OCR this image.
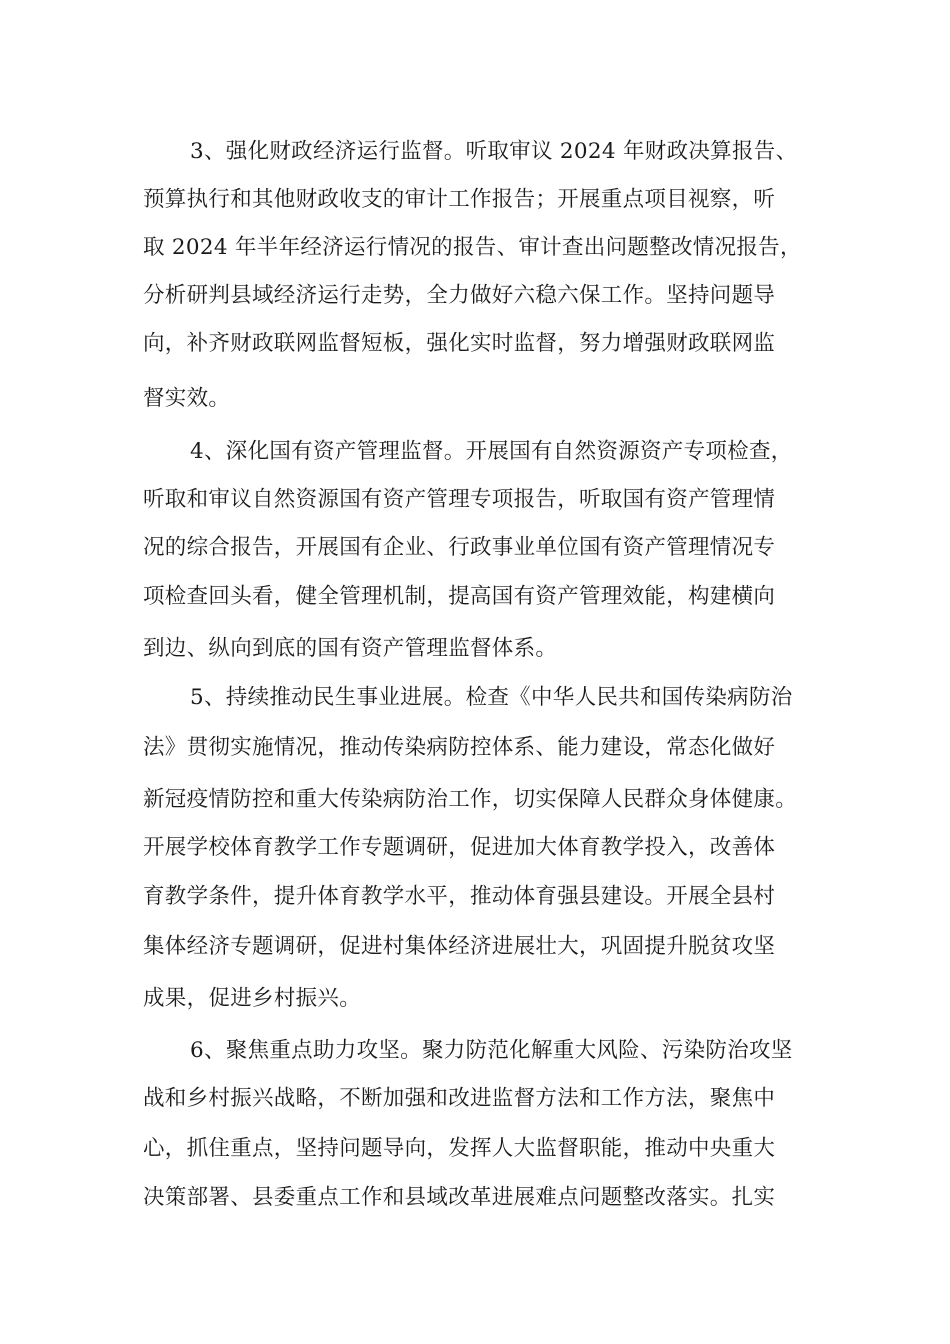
3、强化财政经济运行监督。听取审议 2024 年财政决算报告、
预算执行和其他财政收支的审计工作报告；开展重点项目视察，听
取 2024 年半年经济运行情况的报告、审计查出问题整改情况报告，
分析研判县域经济运行走势，全力做好六稳六保工作。坚持问题导
向，补齐财政联网监督短板，强化实时监督，努力增强财政联网监
督实效。
4、深化国有资产管理监督。开展国有自然资源资产专项检查，
听取和审议自然资源国有资产管理专项报告，听取国有资产管理情
况的综合报告，开展国有企业、行政事业单位国有资产管理情况专
项检查回头看，健全管理机制，提高国有资产管理效能，构建横向
到边、纵向到底的国有资产管理监督体系。
5、持续推动民生事业进展。检查《中华人民共和国传染病防治
法》贯彻实施情况，推动传染病防控体系、能力建设，常态化做好
新冠疫情防控和重大传染病防治工作，切实保障人民群众身体健康。
开展学校体育教学工作专题调研，促进加大体育教学投入，改善体
育教学条件，提升体育教学水平，推动体育强县建设。开展全县村
集体经济专题调研，促进村集体经济进展壮大，巩固提升脱贫攻坚
成果，促进乡村振兴。
6、聚焦重点助力攻坚。聚力防范化解重大风险、污染防治攻坚
战和乡村振兴战略，不断加强和改进监督方法和工作方法，聚焦中
心，抓住重点，坚持问题导向，发挥人大监督职能，推动中央重大
决策部署、县委重点工作和县域改革进展难点问题整改落实。扎实
